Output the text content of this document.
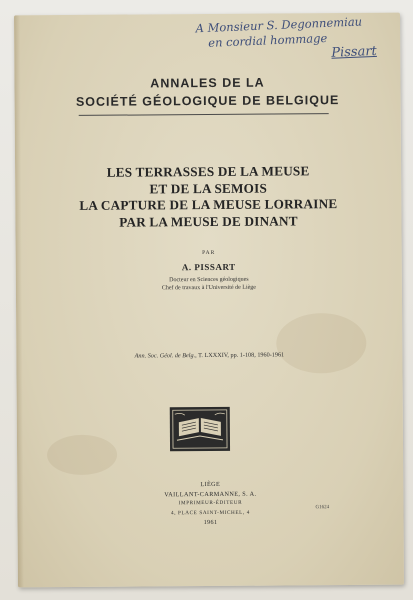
A Monsieur S. Degonnemiau
en cordial hommage
Pissart
ANNALES DE LA
SOCIÉTÉ GÉOLOGIQUE DE BELGIQUE
LES TERRASSES DE LA MEUSE
ET DE LA SEMOIS
LA CAPTURE DE LA MEUSE LORRAINE
PAR LA MEUSE DE DINANT
PAR
A. PISSART
Docteur en Sciences géologiques
Chef de travaux à l'Université de Liège
Ann. Soc. Géol. de Belg., T. LXXXIV, pp. 1-108, 1960-1961
LIÈGE
VAILLANT-CARMANNE, S. A.
IMPRIMEUR-ÉDITEUR
4, PLACE SAINT-MICHEL, 4
1961
G1624
